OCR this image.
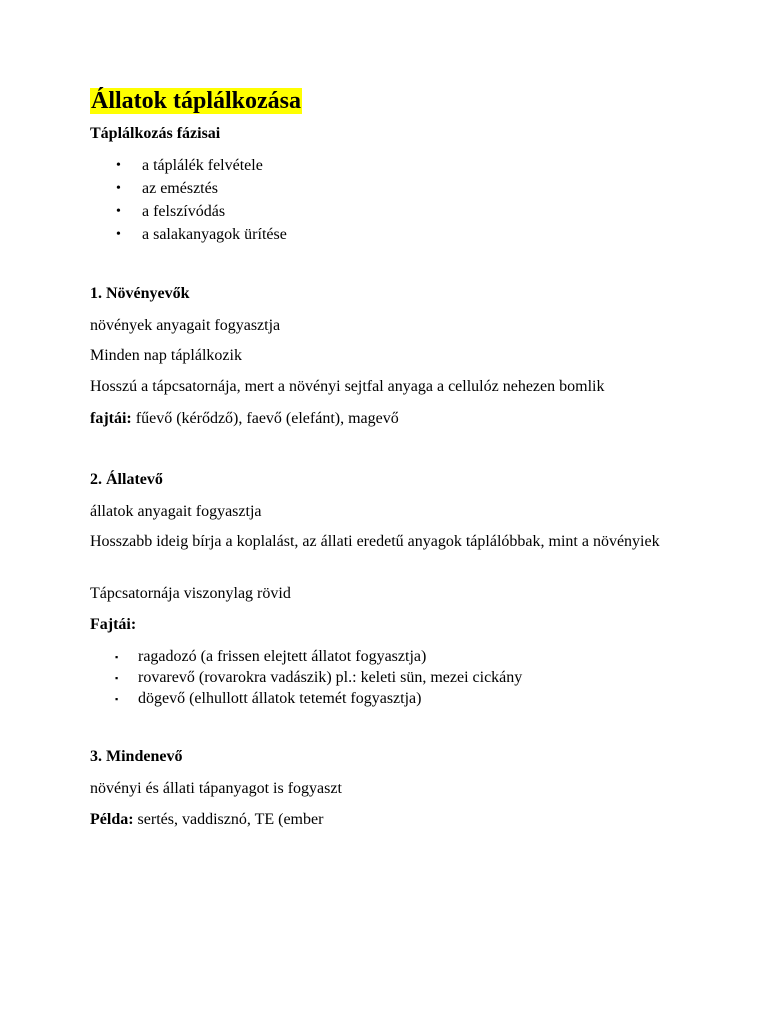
Állatok táplálkozása

Táplálkozás fázisai

• a táplálék felvétele
• az emésztés
• a felszívódás
• a salakanyagok ürítése

1. Növényevők

növények anyagait fogyasztja

Minden nap táplálkozik

Hosszú a tápcsatornája, mert a növényi sejtfal anyaga a cellulóz nehezen bomlik

fajtái: fűevő (kérődző), faevő (elefánt), magevő

2. Állatevő

állatok anyagait fogyasztja

Hosszabb ideig bírja a koplalást, az állati eredetű anyagok táplálóbbak, mint a növényiek

Tápcsatornája viszonylag rövid

Fajtái:

▪ ragadozó (a frissen elejtett állatot fogyasztja)
▪ rovarevő (rovarokra vadászik) pl.: keleti sün, mezei cickány
▪ dögevő (elhullott állatok tetemét fogyasztja)

3. Mindenevő

növényi és állati tápanyagot is fogyaszt

Példa: sertés, vaddisznó, TE (ember
